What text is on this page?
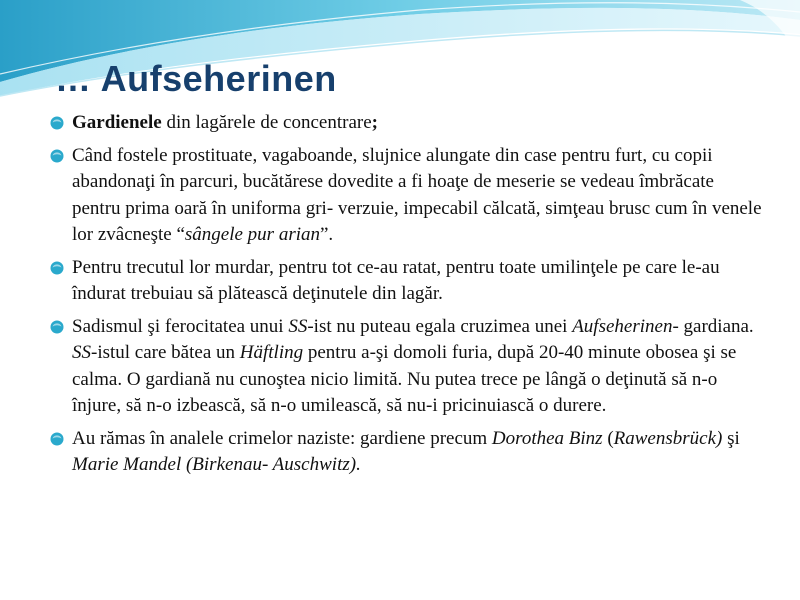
… Aufseherinen
Gardienele din lagărele de concentrare;
Când fostele prostituate, vagaboande, slujnice alungate din case pentru furt, cu copii abandonaţi în parcuri, bucătărese dovedite a fi hoaţe de meserie se vedeau îmbrăcate pentru prima oară în uniforma gri- verzuie, impecabil călcată, simţeau brusc cum în venele lor zvâcneşte “sângele pur arian”.
Pentru trecutul lor murdar, pentru tot ce-au ratat, pentru toate umilinţele pe care le-au îndurat trebuiau să plătească deţinutele din lagăr.
Sadismul şi ferocitatea unui SS-ist nu puteau egala cruzimea unei Aufseherinen- gardiana. SS-istul care bătea un Häftling pentru a-şi domoli furia, după 20-40 minute obosea şi se calma. O gardiană nu cunoştea nicio limită. Nu putea trece pe lângă o deţinută să n-o înjure, să n-o izbească, să n-o umilească, să nu-i pricinuiască o durere.
Au rămas în analele crimelor naziste: gardiene precum Dorothea Binz (Rawensbrück) şi Marie Mandel (Birkenau- Auschwitz).
